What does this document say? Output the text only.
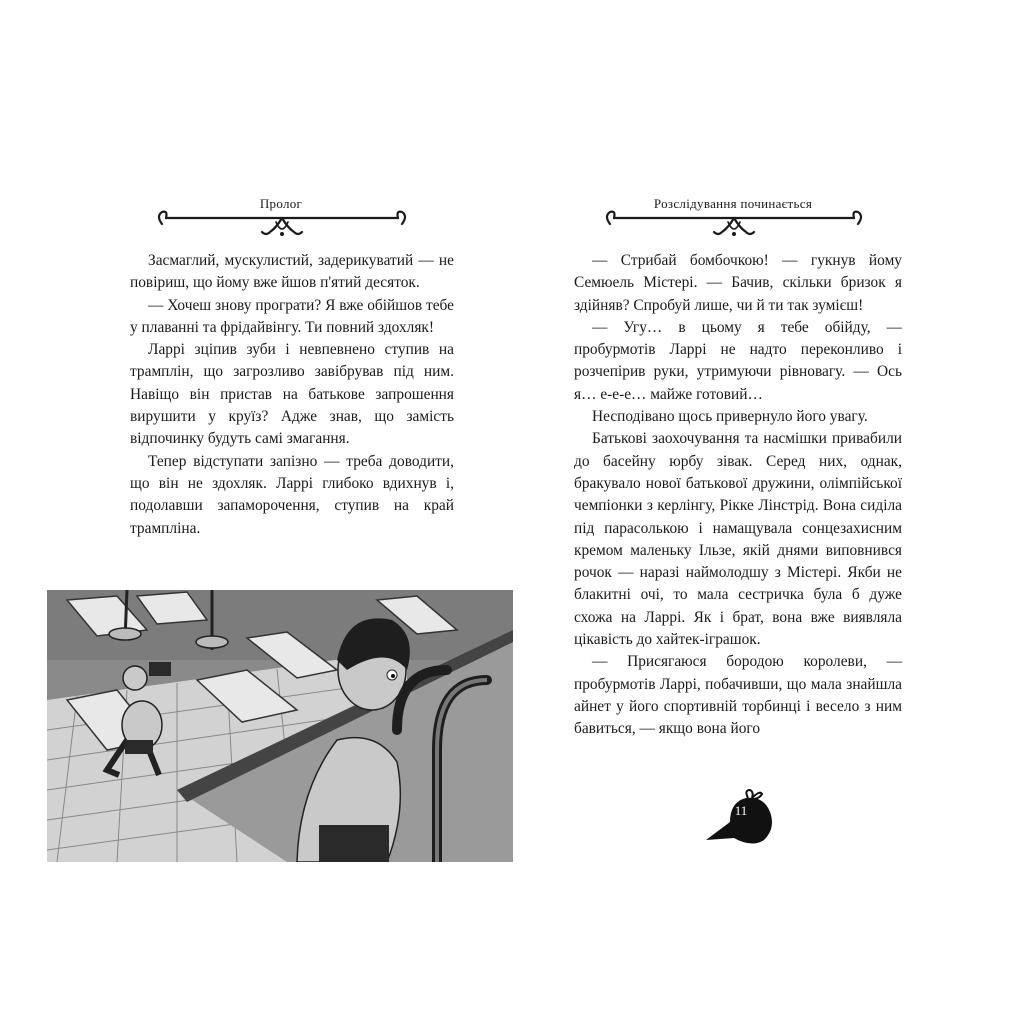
Пролог

Засмаглий, мускулистий, задерикуватий — не повіриш, що йому вже йшов п'ятий десяток.

— Хочеш знову програти? Я вже обійшов тебе у плаванні та фрідайвінгу. Ти повний здохляк!

Ларрі зціпив зуби і невпевнено ступив на трамплін, що загрозливо завібрував під ним. Навіщо він пристав на батькове запрошення вирушити у круїз? Адже знав, що замість відпочинку будуть самі змагання.

Тепер відступати запізно — треба доводити, що він не здохляк. Ларрі глибоко вдихнув і, подолавши запаморочення, ступив на край трампліна.

Розслідування починається

— Стрибай бомбочкою! — гукнув йому Семюель Містері. — Бачив, скільки бризок я здійняв? Спробуй лише, чи й ти так зумієш!

— Угу… в цьому я тебе обійду, — пробурмотів Ларрі не надто переконливо і розчепірив руки, утримуючи рівновагу. — Ось я… е-е-е… майже готовий…

Несподівано щось привернуло його увагу.

Батькові заохочування та насмішки привабили до басейну юрбу зівак. Серед них, однак, бракувало нової батькової дружини, олімпійської чемпіонки з керлінгу, Рікке Лінстрід. Вона сиділа під парасолькою і намащувала сонцезахисним кремом маленьку Ільзе, якій днями виповнився рочок — наразі наймолодшу з Містері. Якби не блакитні очі, то мала сестричка була б дуже схожа на Ларрі. Як і брат, вона вже виявляла цікавість до хайтек-іграшок.

— Присягаюся бородою королеви, — пробурмотів Ларрі, побачивши, що мала знайшла айнет у його спортивній торбинці і весело з ним бавиться, — якщо вона його

11
